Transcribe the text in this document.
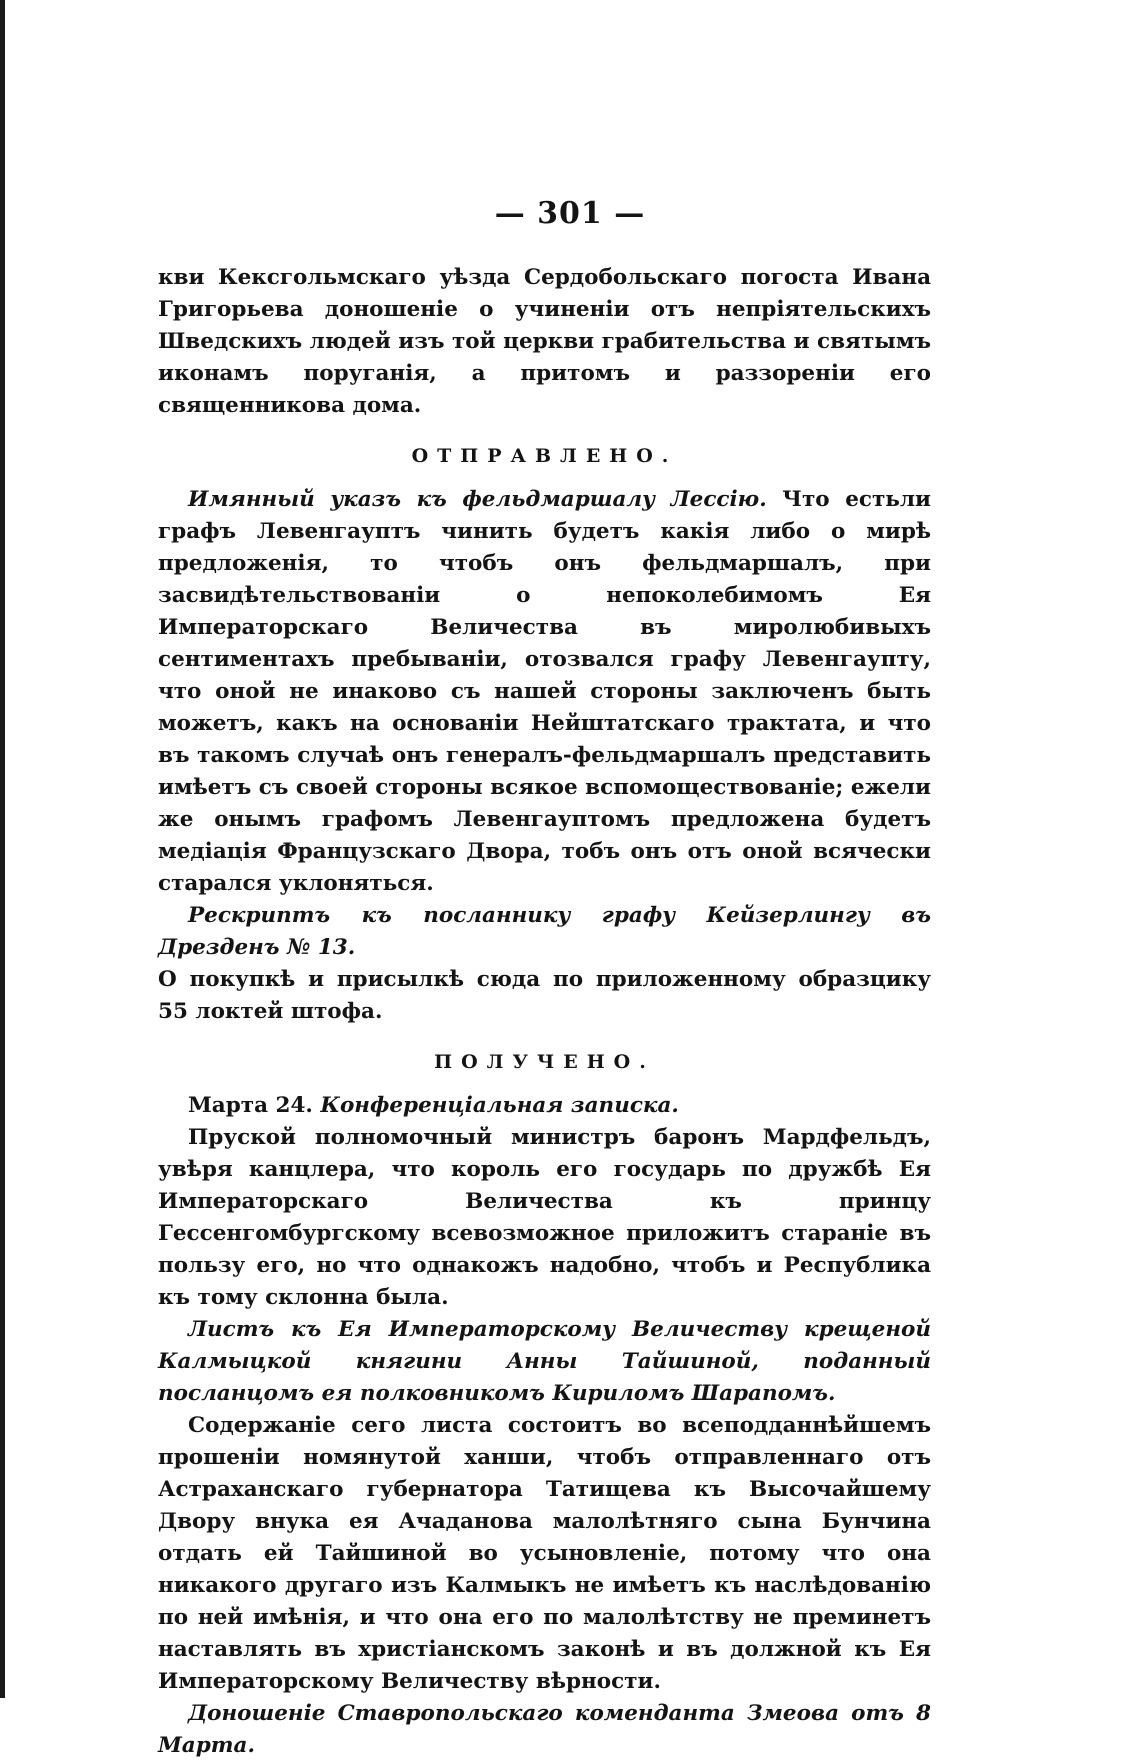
— 301 —

кви Кексгольмскаго уѣзда Сердобольскаго погоста Ивана Григорьева доношеніе о учиненіи отъ непріятельскихъ Шведскихъ людей изъ той церкви грабительства и святымъ иконамъ поруганія, а притомъ и раззореніи его священникова дома.

ОТПРАВЛЕНО.

Имянный указъ къ фельдмаршалу Лессію. Что естьли графъ Левенгауптъ чинить будетъ какія либо о мирѣ предложенія, то чтобъ онъ фельдмаршалъ, при засвидѣтельствованіи о непоколебимомъ Ея Императорскаго Величества въ миролюбивыхъ сентиментахъ пребываніи, отозвался графу Левенгаупту, что оной не инаково съ нашей стороны заключенъ быть можетъ, какъ на основаніи Нейштатскаго трактата, и что въ такомъ случаѣ онъ генералъ-фельдмаршалъ представить имѣетъ съ своей стороны всякое вспомоществованіе; ежели же онымъ графомъ Левенгауптомъ предложена будетъ медіація Французскаго Двора, тобъ онъ отъ оной всячески старался уклоняться.

Рескриптъ къ посланнику графу Кейзерлингу въ Дрезденъ № 13.

О покупкѣ и присылкѣ сюда по приложенному образцику 55 локтей штофа.

ПОЛУЧЕНО.

Марта 24. Конференціальная записка.

Пруской полномочный министръ баронъ Мардфельдъ, увѣря канцлера, что король его государь по дружбѣ Ея Императорскаго Величества къ принцу Гессенгомбургскому всевозможное приложитъ стараніе въ пользу его, но что однакожъ надобно, чтобъ и Республика къ тому склонна была.

Листъ къ Ея Императорскому Величеству крещеной Калмыцкой княгини Анны Тайшиной, поданный посланцомъ ея полковникомъ Кириломъ Шарапомъ.

Содержаніе сего листа состоитъ во всеподданнѣйшемъ прошеніи номянутой ханши, чтобъ отправленнаго отъ Астраханскаго губернатора Татищева къ Высочайшему Двору внука ея Ачаданова малолѣтняго сына Бунчина отдать ей Тайшиной во усыновленіе, потому что она никакого другаго изъ Калмыкъ не имѣетъ къ наслѣдованію по ней имѣнія, и что она его по малолѣтству не преминетъ наставлять въ христіанскомъ законѣ и въ должной къ Ея Императорскому Величеству вѣрности.

Доношеніе Ставропольскаго коменданта Змеова отъ 8 Марта.
